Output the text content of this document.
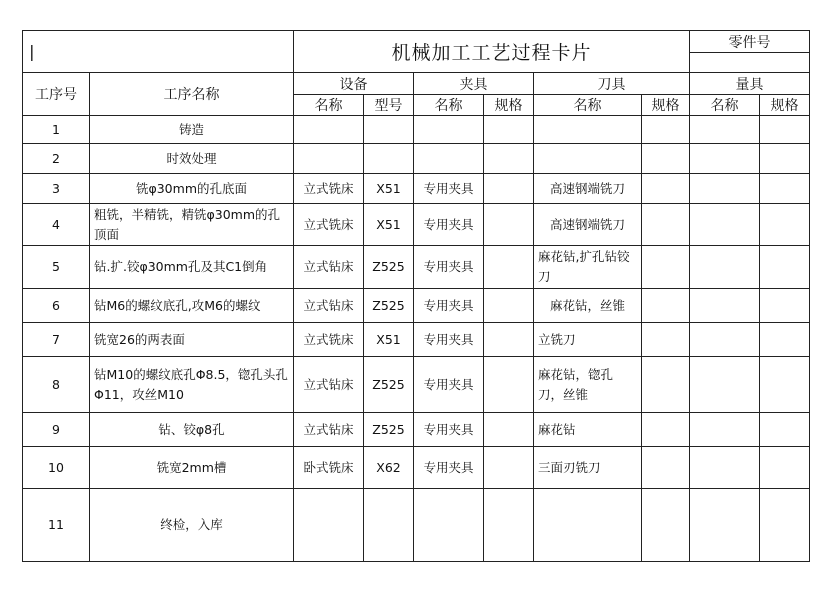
|		机械加工工艺过程卡片						零件号	

工序号	工序名称	设备		夹具		刀具		量具	
		名称	型号	名称	规格	名称	规格	名称	规格
1	铸造								
2	时效处理								
3	铣φ30mm的孔底面	立式铣床	X51	专用夹具		高速钢端铣刀			
4	粗铣，半精铣，精铣φ30mm的孔顶面	立式铣床	X51	专用夹具		高速钢端铣刀			
5	钻.扩.铰φ30mm孔及其C1倒角	立式钻床	Z525	专用夹具		麻花钻,扩孔钻铰刀			
6	钻M6的螺纹底孔,攻M6的螺纹	立式钻床	Z525	专用夹具		麻花钻，丝锥			
7	铣宽26的两表面	立式铣床	X51	专用夹具		立铣刀			
8	钻M10的螺纹底孔Φ8.5，锪孔头孔Φ11，攻丝M10	立式钻床	Z525	专用夹具		麻花钻，锪孔刀，丝锥			
9	钻、铰φ8孔	立式钻床	Z525	专用夹具		麻花钻			
10	铣宽2mm槽	卧式铣床	X62	专用夹具		三面刃铣刀			
11	终检，入库								
